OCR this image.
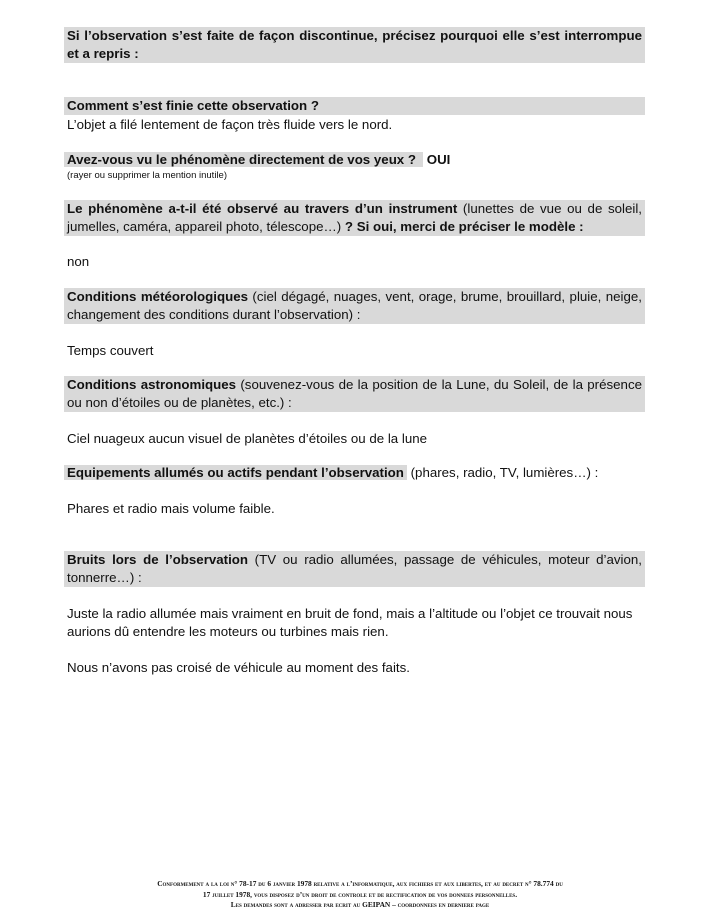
Si l’observation s’est faite de façon discontinue, précisez pourquoi elle s’est interrompue et a repris :
Comment s’est finie cette observation ?
L’objet a filé lentement de façon très fluide vers le nord.
Avez-vous vu le phénomène directement de vos yeux ? OUI
(rayer ou supprimer la mention inutile)
Le phénomène a-t-il été observé au travers d’un instrument (lunettes de vue ou de soleil, jumelles, caméra, appareil photo, télescope…) ? Si oui, merci de préciser le modèle :
non
Conditions météorologiques (ciel dégagé, nuages, vent, orage, brume, brouillard, pluie, neige, changement des conditions durant l’observation) :
Temps couvert
Conditions astronomiques (souvenez-vous de la position de la Lune, du Soleil, de la présence ou non d’étoiles ou de planètes, etc.) :
Ciel nuageux aucun visuel de planètes d’étoiles ou de la lune
Equipements allumés ou actifs pendant l’observation (phares, radio, TV, lumières…) :
Phares et radio mais volume faible.
Bruits lors de l’observation (TV ou radio allumées, passage de véhicules, moteur d’avion, tonnerre…) :
Juste la radio allumée mais vraiment en bruit de fond, mais a l’altitude ou l’objet ce trouvait nous
aurions dû entendre les moteurs ou turbines mais rien.
Nous n’avons pas croisé de véhicule au moment des faits.
Conformement a la loi n° 78-17 du 6 janvier 1978 relative a l’informatique, aux fichiers et aux libertes, et au decret n° 78.774 du
17 juillet 1978, vous disposez d’un droit de controle et de rectification de vos donnees personnelles.
Les demandes sont a adresser par ecrit au GEIPAN – coordonnees en derniere page
